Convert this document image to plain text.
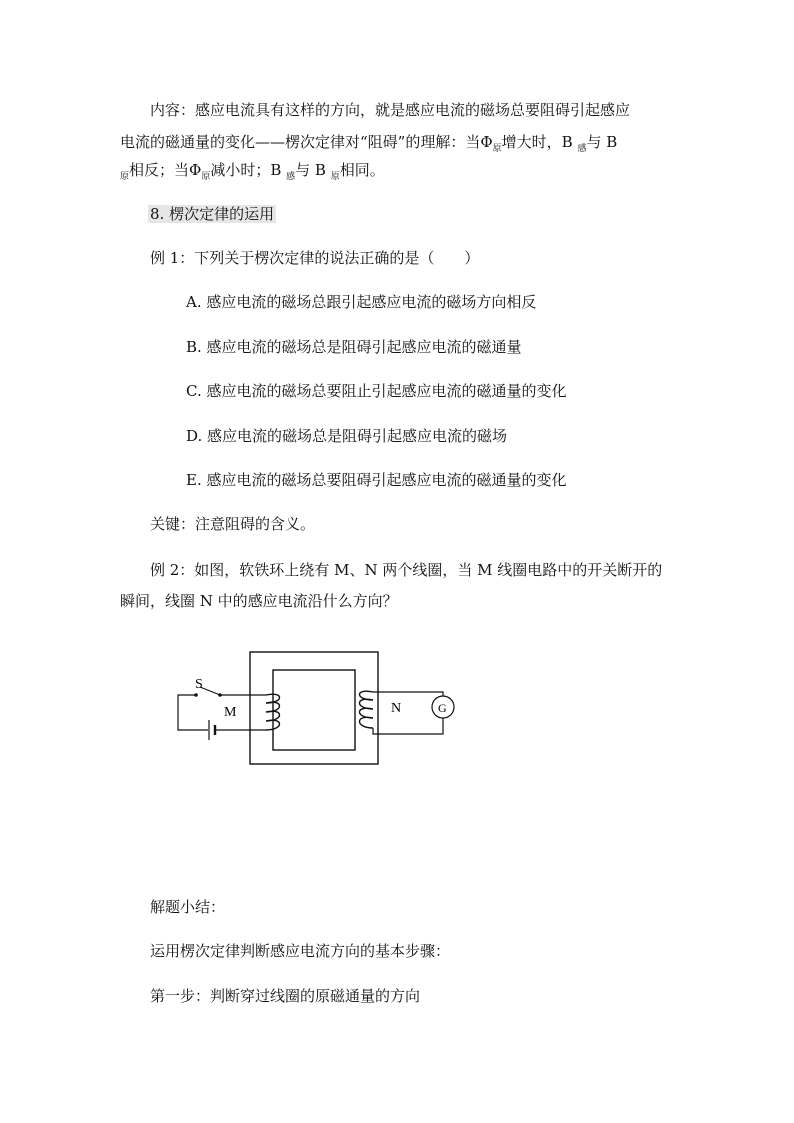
内容：感应电流具有这样的方向，就是感应电流的磁场总要阻碍引起感应
电流的磁通量的变化——楞次定律对“阻碍”的理解：当$\Phi_原$增大时，B $_感$与 B
$_原$相反；当$\Phi_原$减小时；B $_感$与 B $_原$相同。
8. 楞次定律的运用
例 1：下列关于楞次定律的说法正确的是（　　）
A. 感应电流的磁场总跟引起感应电流的磁场方向相反
B. 感应电流的磁场总是阻碍引起感应电流的磁通量
C. 感应电流的磁场总要阻止引起感应电流的磁通量的变化
D. 感应电流的磁场总是阻碍引起感应电流的磁场
E. 感应电流的磁场总要阻碍引起感应电流的磁通量的变化
关键：注意阻碍的含义。
例 2：如图，软铁环上绕有 M、N 两个线圈，当 M 线圈电路中的开关断开的
瞬间，线圈 N 中的感应电流沿什么方向？
S
M	N	G
解题小结：
运用楞次定律判断感应电流方向的基本步骤：
第一步：判断穿过线圈的原磁通量的方向
